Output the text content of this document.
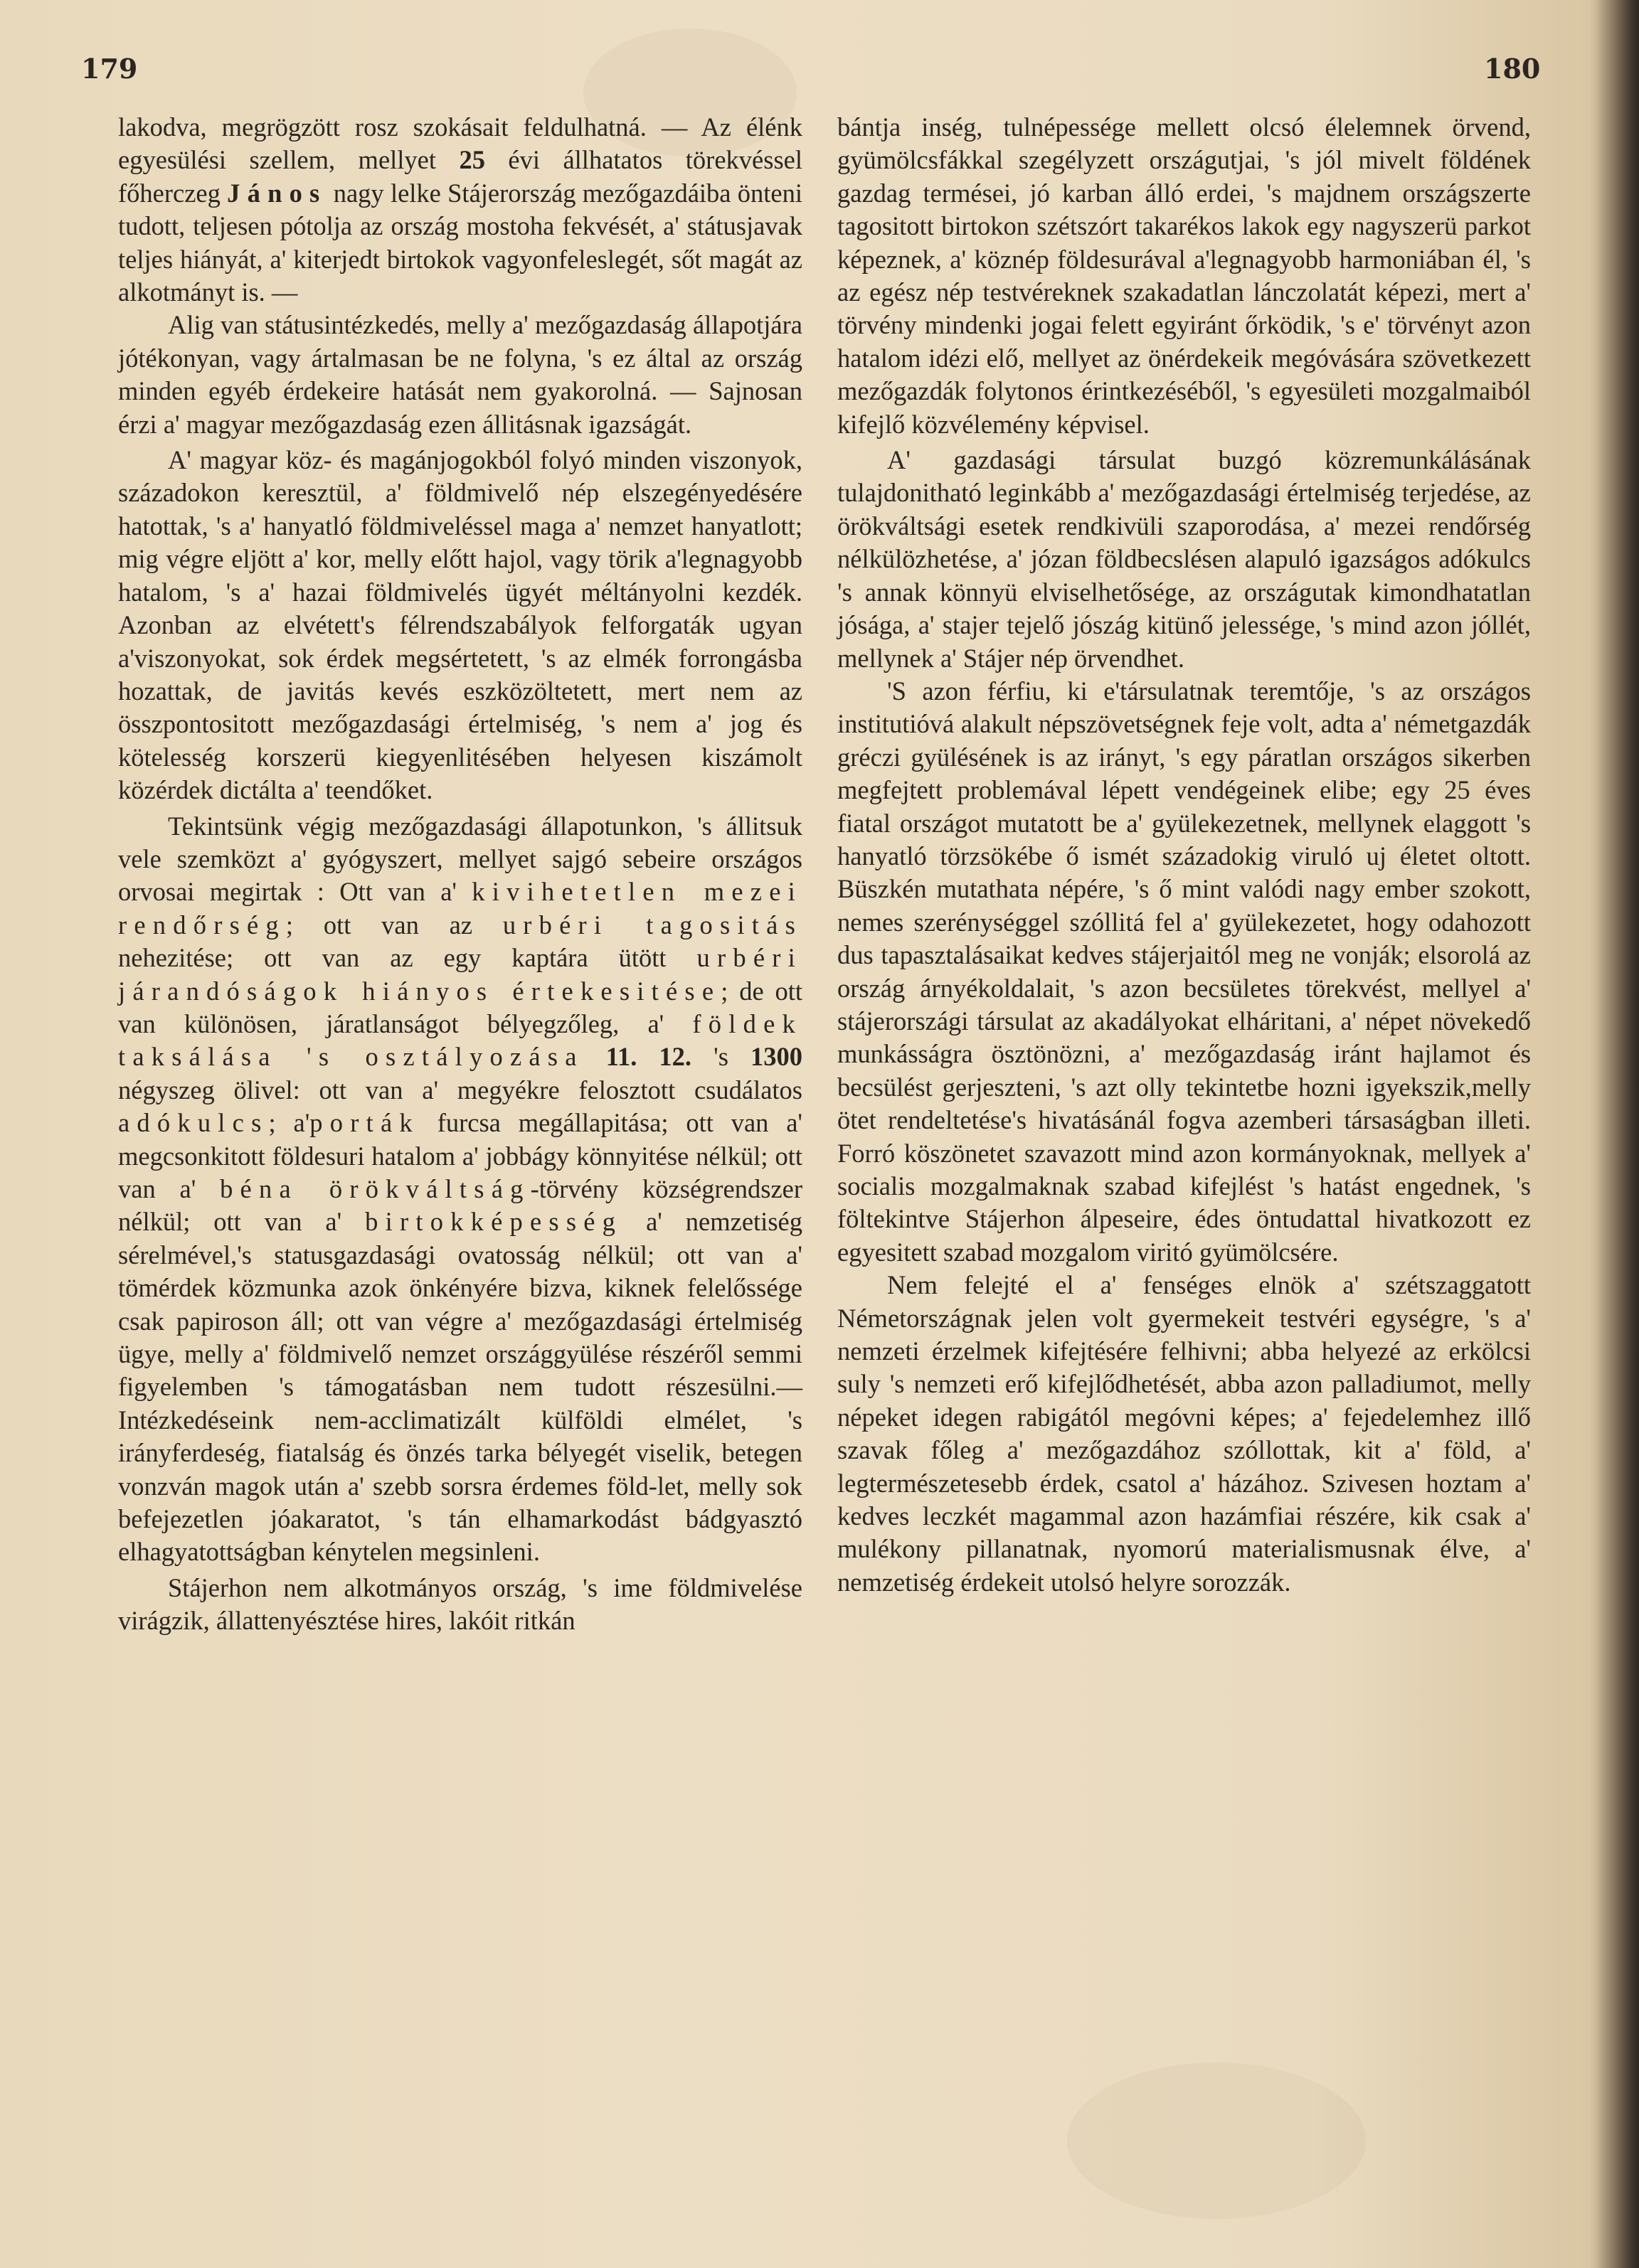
179	180

lakodva, megrögzött rosz szokásait feldulhatná. — Az élénk egyesülési szellem, mellyet 25 évi állhatatos törekvéssel főherczeg János nagy lelke Stájerország mezőgazdáiba önteni tudott, teljesen pótolja az ország mostoha fekvését, a' státusjavak teljes hiányát, a' kiterjedt birtokok vagyonfeleslegét, sőt magát az alkotmányt is. —

Alig van státusintézkedés, melly a' mezőgazdaság állapotjára jótékonyan, vagy ártalmasan be ne folyna, 's ez által az ország minden egyéb érdekeire hatását nem gyakorolná. — Sajnosan érzi a' magyar mezőgazdaság ezen állitásnak igazságát.

A' magyar köz- és magánjogokból folyó minden viszonyok, századokon keresztül, a' földmivelő nép elszegényedésére hatottak, 's a' hanyatló földmiveléssel maga a' nemzet hanyatlott; mig végre eljött a' kor, melly előtt hajol, vagy törik a'legnagyobb hatalom, 's a' hazai földmivelés ügyét méltányolni kezdék. Azonban az elvétett's félrendszabályok felforgaták ugyan a'viszonyokat, sok érdek megsértetett, 's az elmék forrongásba hozattak, de javitás kevés eszközöltetett, mert nem az összpontositott mezőgazdasági értelmiség, 's nem a' jog és kötelesség korszerü kiegyenlitésében helyesen kiszámolt közérdek dictálta a' teendőket.

Tekintsünk végig mezőgazdasági állapotunkon, 's állitsuk vele szemközt a' gyógyszert, mellyet sajgó sebeire országos orvosai megirtak : Ott van a' kivihetetlen mezei rendőrség; ott van az urbéri tagositás nehezitése; ott van az egy kaptára ütött urbéri járandóságok hiányos értekesitése; de ott van különösen, járatlanságot bélyegzőleg, a' földek taksálása 's osztályozása 11. 12. 's 1300 négyszeg ölivel: ott van a' megyékre felosztott csudálatos adókulcs; a'porták furcsa megállapitása; ott van a' megcsonkitott földesuri hatalom a' jobbágy könnyitése nélkül; ott van a' béna örökváltság-törvény községrendszer nélkül; ott van a' birtokképesség a' nemzetiség sérelmével,'s statusgazdasági ovatosság nélkül; ott van a' tömérdek közmunka azok önkényére bizva, kiknek felelőssége csak papiroson áll; ott van végre a' mezőgazdasági értelmiség ügye, melly a' földmivelő nemzet országgyülése részéről semmi figyelemben 's támogatásban nem tudott részesülni.— Intézkedéseink nem-acclimatizált külföldi elmélet, 's irányferdeség, fiatalság és önzés tarka bélyegét viselik, betegen vonzván magok után a' szebb sorsra érdemes föld-let, melly sok befejezetlen jóakaratot, 's tán elhamarkodást bádgyasztó elhagyatottságban kénytelen megsinleni.

Stájerhon nem alkotmányos ország, 's ime földmivelése virágzik, állattenyésztése hires, lakóit ritkán

bántja inség, tulnépessége mellett olcsó élelemnek örvend, gyümölcsfákkal szegélyzett országutjai, 's jól mivelt földének gazdag termései, jó karban álló erdei, 's majdnem országszerte tagositott birtokon szétszórt takarékos lakok egy nagyszerü parkot képeznek, a' köznép földesurával a'legnagyobb harmoniában él, 's az egész nép testvéreknek szakadatlan lánczolatát képezi, mert a' törvény mindenki jogai felett egyiránt őrködik, 's e' törvényt azon hatalom idézi elő, mellyet az önérdekeik megóvására szövetkezett mezőgazdák folytonos érintkezéséből, 's egyesületi mozgalmaiból kifejlő közvélemény képvisel.

A' gazdasági társulat buzgó közremunkálásának tulajdonitható leginkább a' mezőgazdasági értelmiség terjedése, az örökváltsági esetek rendkivüli szaporodása, a' mezei rendőrség nélkülözhetése, a' józan földbecslésen alapuló igazságos adókulcs 's annak könnyü elviselhetősége, az országutak kimondhatatlan jósága, a' stajer tejelő jószág kitünő jelessége, 's mind azon jóllét, mellynek a' Stájer nép örvendhet.

'S azon férfiu, ki e'társulatnak teremtője, 's az országos institutióvá alakult népszövetségnek feje volt, adta a' németgazdák gréczi gyülésének is az irányt, 's egy páratlan országos sikerben megfejtett problemával lépett vendégeinek elibe; egy 25 éves fiatal országot mutatott be a' gyülekezetnek, mellynek elaggott 's hanyatló törzsökébe ő ismét századokig viruló uj életet oltott. Büszkén mutathata népére, 's ő mint valódi nagy ember szokott, nemes szerénységgel szóllitá fel a' gyülekezetet, hogy odahozott dus tapasztalásaikat kedves stájerjaitól meg ne vonják; elsorolá az ország árnyékoldalait, 's azon becsületes törekvést, mellyel a' stájerországi társulat az akadályokat elháritani, a' népet növekedő munkásságra ösztönözni, a' mezőgazdaság iránt hajlamot és becsülést gerjeszteni, 's azt olly tekintetbe hozni igyekszik,melly ötet rendeltetése's hivatásánál fogva azemberi társaságban illeti. Forró köszönetet szavazott mind azon kormányoknak, mellyek a' socialis mozgalmaknak szabad kifejlést 's hatást engednek, 's föltekintve Stájerhon álpeseire, édes öntudattal hivatkozott ez egyesitett szabad mozgalom viritó gyümölcsére.

Nem felejté el a' fenséges elnök a' szétszaggatott Németországnak jelen volt gyermekeit testvéri egységre, 's a' nemzeti érzelmek kifejtésére felhivni; abba helyezé az erkölcsi suly 's nemzeti erő kifejlődhetését, abba azon palladiumot, melly népeket idegen rabigától megóvni képes; a' fejedelemhez illő szavak főleg a' mezőgazdához szóllottak, kit a' föld, a' legtermészetesebb érdek, csatol a' házához. Szivesen hoztam a' kedves leczkét magammal azon hazámfiai részére, kik csak a' mulékony pillanatnak, nyomorú materialismusnak élve, a' nemzetiség érdekeit utolsó helyre sorozzák.
